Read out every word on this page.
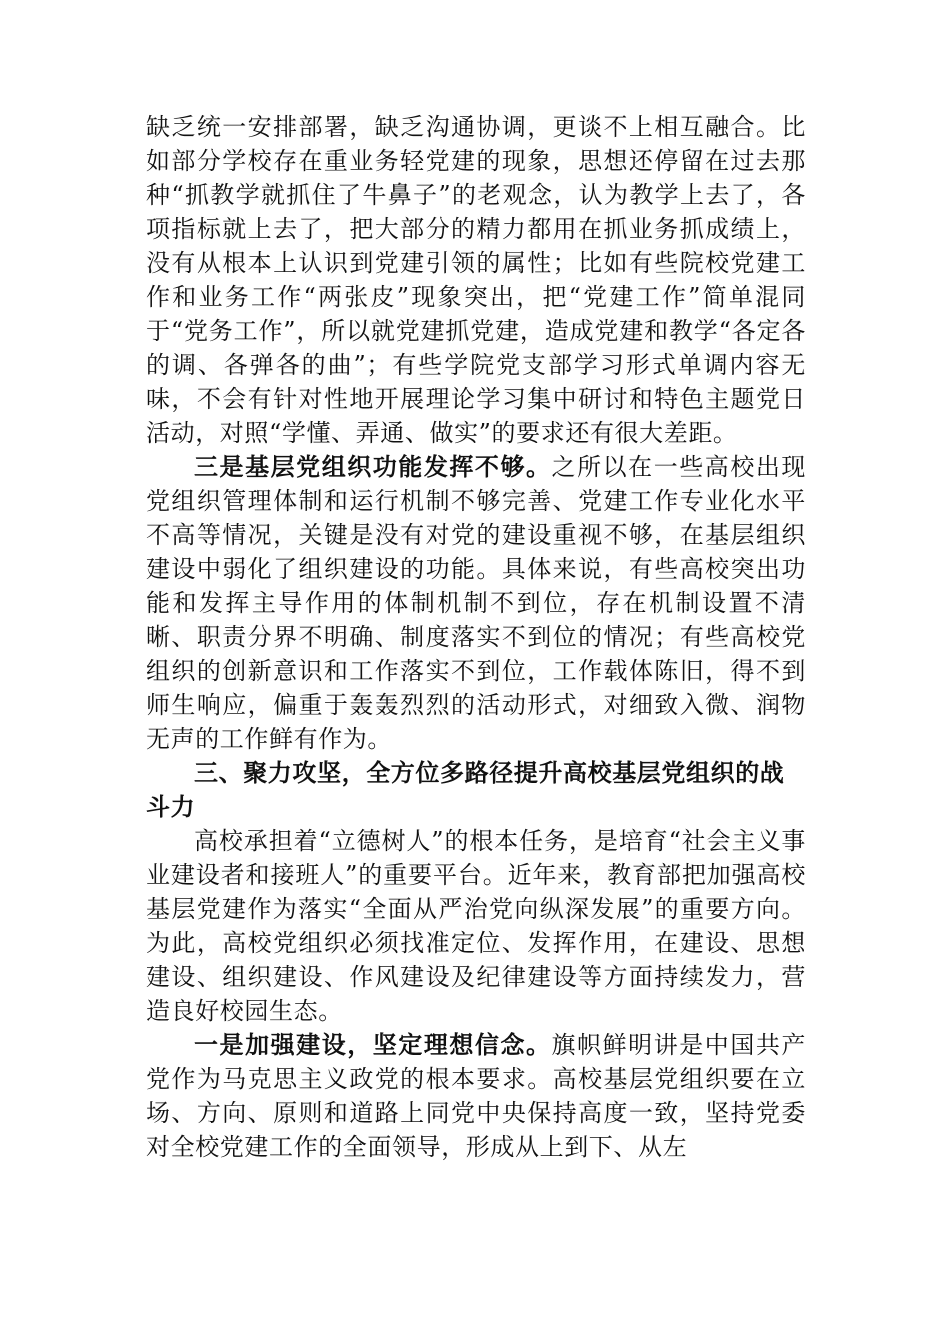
缺乏统一安排部署，缺乏沟通协调，更谈不上相互融合。比如部分学校存在重业务轻党建的现象，思想还停留在过去那种“抓教学就抓住了牛鼻子”的老观念，认为教学上去了，各项指标就上去了，把大部分的精力都用在抓业务抓成绩上，没有从根本上认识到党建引领的属性；比如有些院校党建工作和业务工作“两张皮”现象突出，把“党建工作”简单混同于“党务工作”，所以就党建抓党建，造成党建和教学“各定各的调、各弹各的曲”；有些学院党支部学习形式单调内容无味，不会有针对性地开展理论学习集中研讨和特色主题党日活动，对照“学懂、弄通、做实”的要求还有很大差距。

三是基层党组织功能发挥不够。之所以在一些高校出现党组织管理体制和运行机制不够完善、党建工作专业化水平不高等情况，关键是没有对党的建设重视不够，在基层组织建设中弱化了组织建设的功能。具体来说，有些高校突出功能和发挥主导作用的体制机制不到位，存在机制设置不清晰、职责分界不明确、制度落实不到位的情况；有些高校党组织的创新意识和工作落实不到位，工作载体陈旧，得不到师生响应，偏重于轰轰烈烈的活动形式，对细致入微、润物无声的工作鲜有作为。

三、聚力攻坚，全方位多路径提升高校基层党组织的战斗力

高校承担着“立德树人”的根本任务，是培育“社会主义事业建设者和接班人”的重要平台。近年来，教育部把加强高校基层党建作为落实“全面从严治党向纵深发展”的重要方向。为此，高校党组织必须找准定位、发挥作用，在建设、思想建设、组织建设、作风建设及纪律建设等方面持续发力，营造良好校园生态。

一是加强建设，坚定理想信念。旗帜鲜明讲是中国共产党作为马克思主义政党的根本要求。高校基层党组织要在立场、方向、原则和道路上同党中央保持高度一致，坚持党委对全校党建工作的全面领导，形成从上到下、从左
